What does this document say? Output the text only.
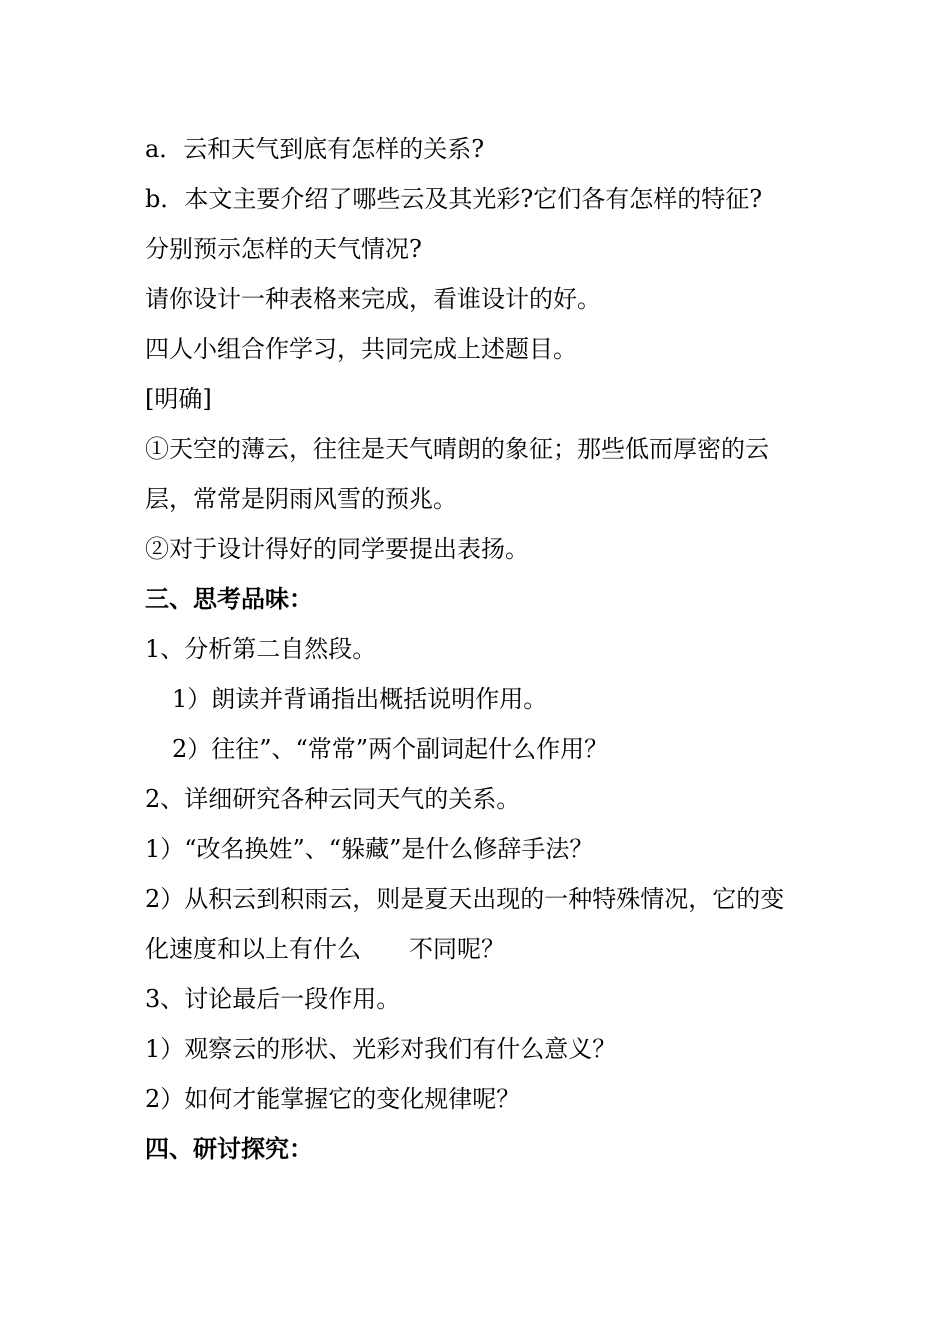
a．云和天气到底有怎样的关系?
b．本文主要介绍了哪些云及其光彩?它们各有怎样的特征?
分别预示怎样的天气情况?
请你设计一种表格来完成，看谁设计的好。
四人小组合作学习，共同完成上述题目。
[明确]
①天空的薄云，往往是天气晴朗的象征；那些低而厚密的云
层，常常是阴雨风雪的预兆。
②对于设计得好的同学要提出表扬。
三、思考品味：
1、分析第二自然段。
1）朗读并背诵指出概括说明作用。
2）往往”、“常常”两个副词起什么作用？
2、详细研究各种云同天气的关系。
1）“改名换姓”、“躲藏”是什么修辞手法？
2）从积云到积雨云，则是夏天出现的一种特殊情况，它的变
化速度和以上有什么　　不同呢？
3、讨论最后一段作用。
1）观察云的形状、光彩对我们有什么意义？
2）如何才能掌握它的变化规律呢？
四、研讨探究：
